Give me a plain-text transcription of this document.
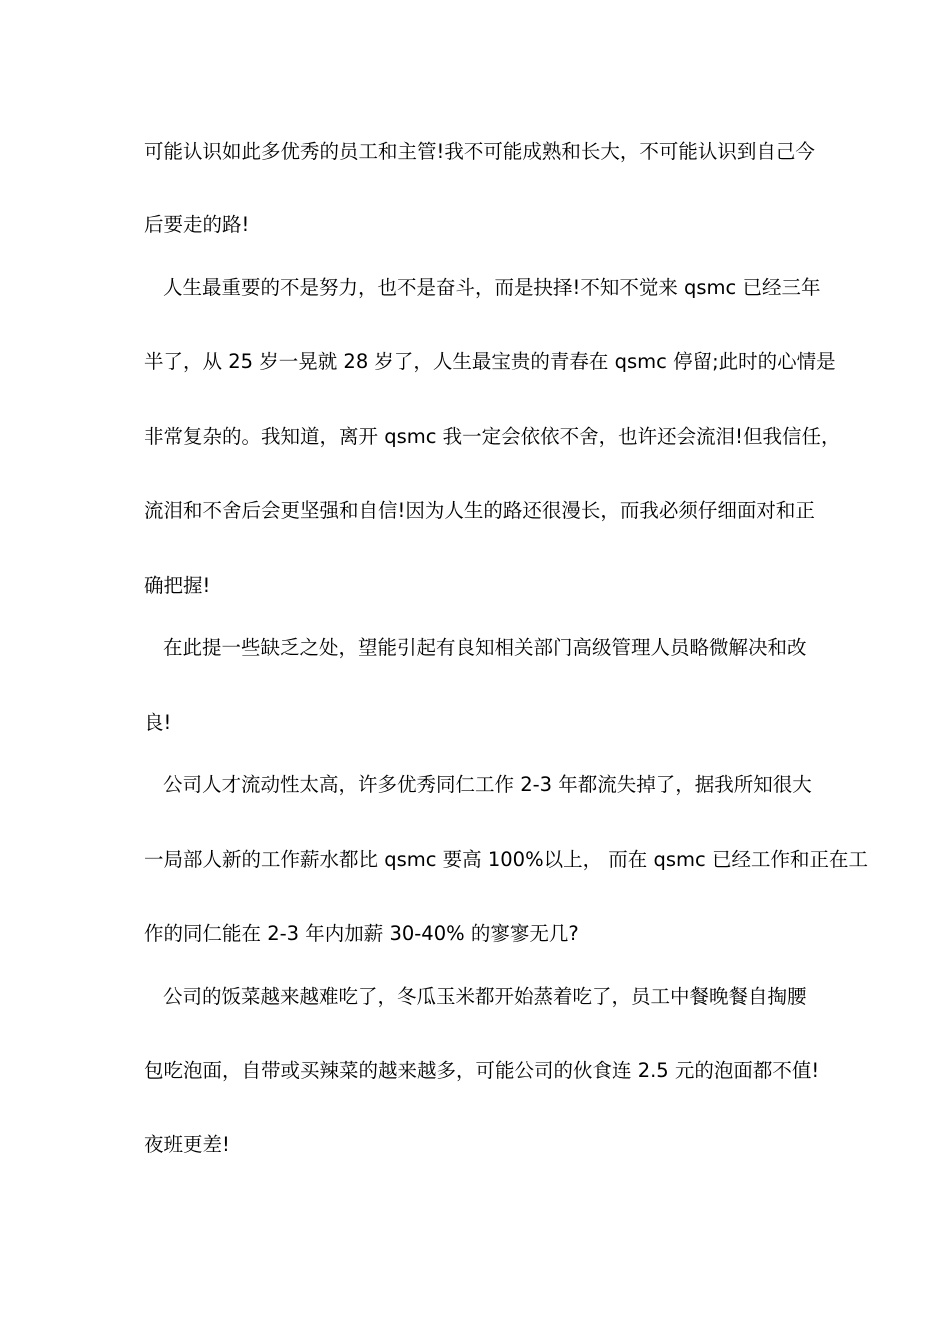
可能认识如此多优秀的员工和主管!我不可能成熟和长大，不可能认识到自己今
后要走的路!
人生最重要的不是努力，也不是奋斗，而是抉择!不知不觉来 qsmc 已经三年
半了，从 25 岁一晃就 28 岁了，人生最宝贵的青春在 qsmc 停留;此时的心情是
非常复杂的。我知道，离开 qsmc 我一定会依依不舍，也许还会流泪!但我信任，
流泪和不舍后会更坚强和自信!因为人生的路还很漫长，而我必须仔细面对和正
确把握!
在此提一些缺乏之处，望能引起有良知相关部门高级管理人员略微解决和改
良!
公司人才流动性太高，许多优秀同仁工作 2-3 年都流失掉了，据我所知很大
一局部人新的工作薪水都比 qsmc 要高 100%以上， 而在 qsmc 已经工作和正在工
作的同仁能在 2-3 年内加薪 30-40% 的寥寥无几?
公司的饭菜越来越难吃了，冬瓜玉米都开始蒸着吃了，员工中餐晚餐自掏腰
包吃泡面，自带或买辣菜的越来越多，可能公司的伙食连 2.5 元的泡面都不值!
夜班更差!
